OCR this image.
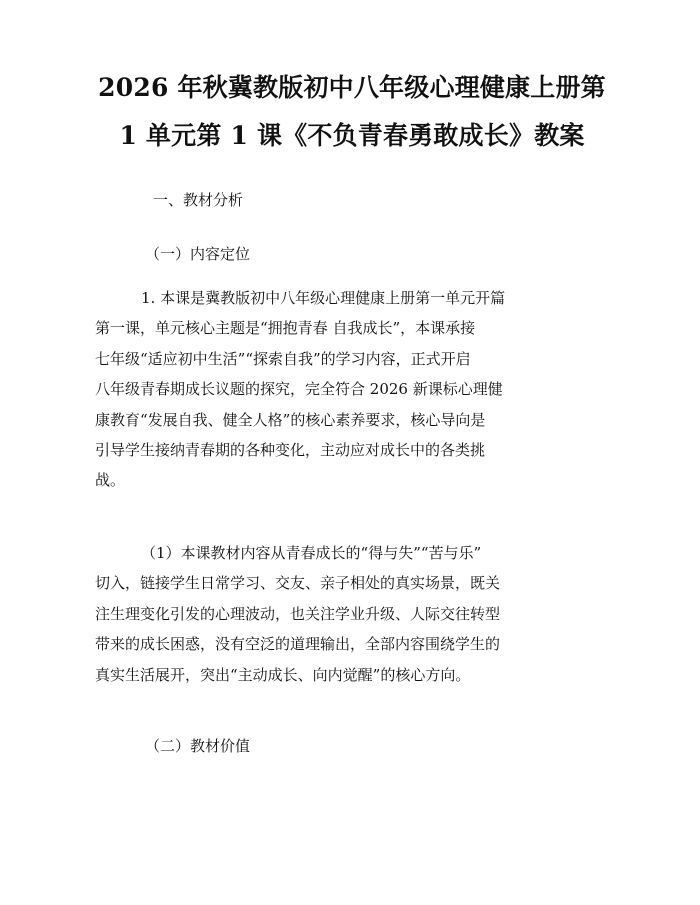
2026 年秋冀教版初中八年级心理健康上册第
1 单元第 1 课《不负青春勇敢成长》教案
一、教材分析
（一）内容定位
1. 本课是冀教版初中八年级心理健康上册第一单元开篇
第一课，单元核心主题是“拥抱青春 自我成长”，本课承接
七年级“适应初中生活”“探索自我”的学习内容，正式开启
八年级青春期成长议题的探究，完全符合 2026 新课标心理健
康教育“发展自我、健全人格”的核心素养要求，核心导向是
引导学生接纳青春期的各种变化，主动应对成长中的各类挑
战。
（1）本课教材内容从青春成长的“得与失”“苦与乐”
切入，链接学生日常学习、交友、亲子相处的真实场景，既关
注生理变化引发的心理波动，也关注学业升级、人际交往转型
带来的成长困惑，没有空泛的道理输出，全部内容围绕学生的
真实生活展开，突出“主动成长、向内觉醒”的核心方向。
（二）教材价值
